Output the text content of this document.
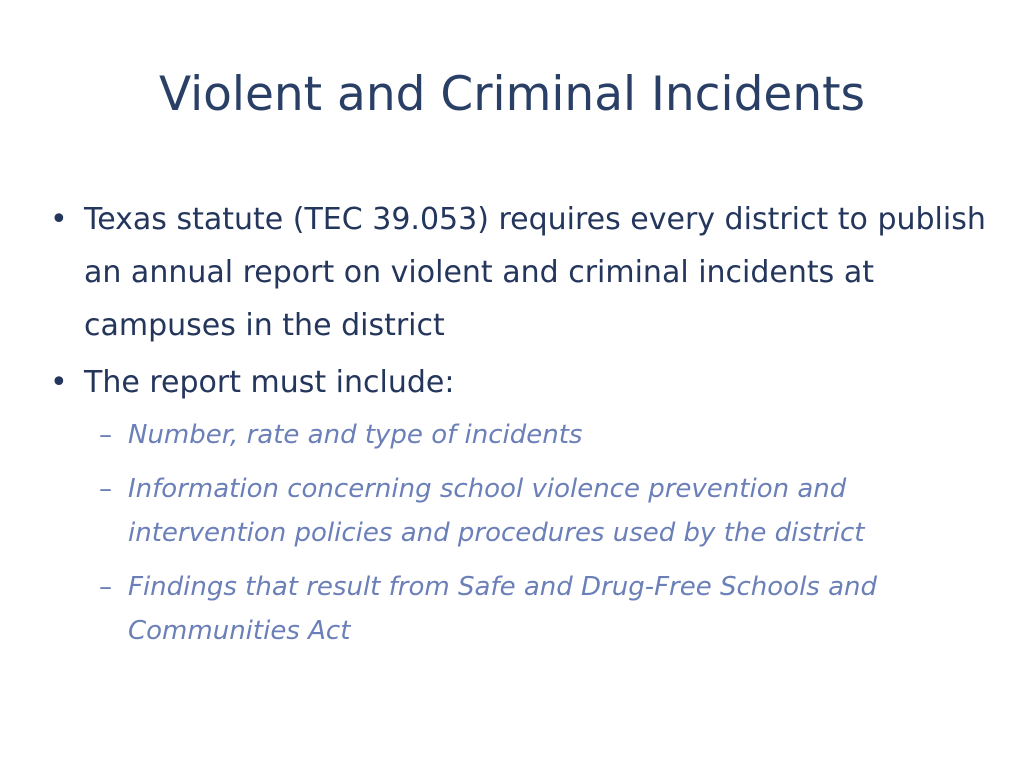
Violent and Criminal Incidents
• Texas statute (TEC 39.053) requires every district to publish an annual report on violent and criminal incidents at campuses in the district
• The report must include:
– Number, rate and type of incidents
– Information concerning school violence prevention and intervention policies and procedures used by the district
– Findings that result from Safe and Drug-Free Schools and Communities Act
